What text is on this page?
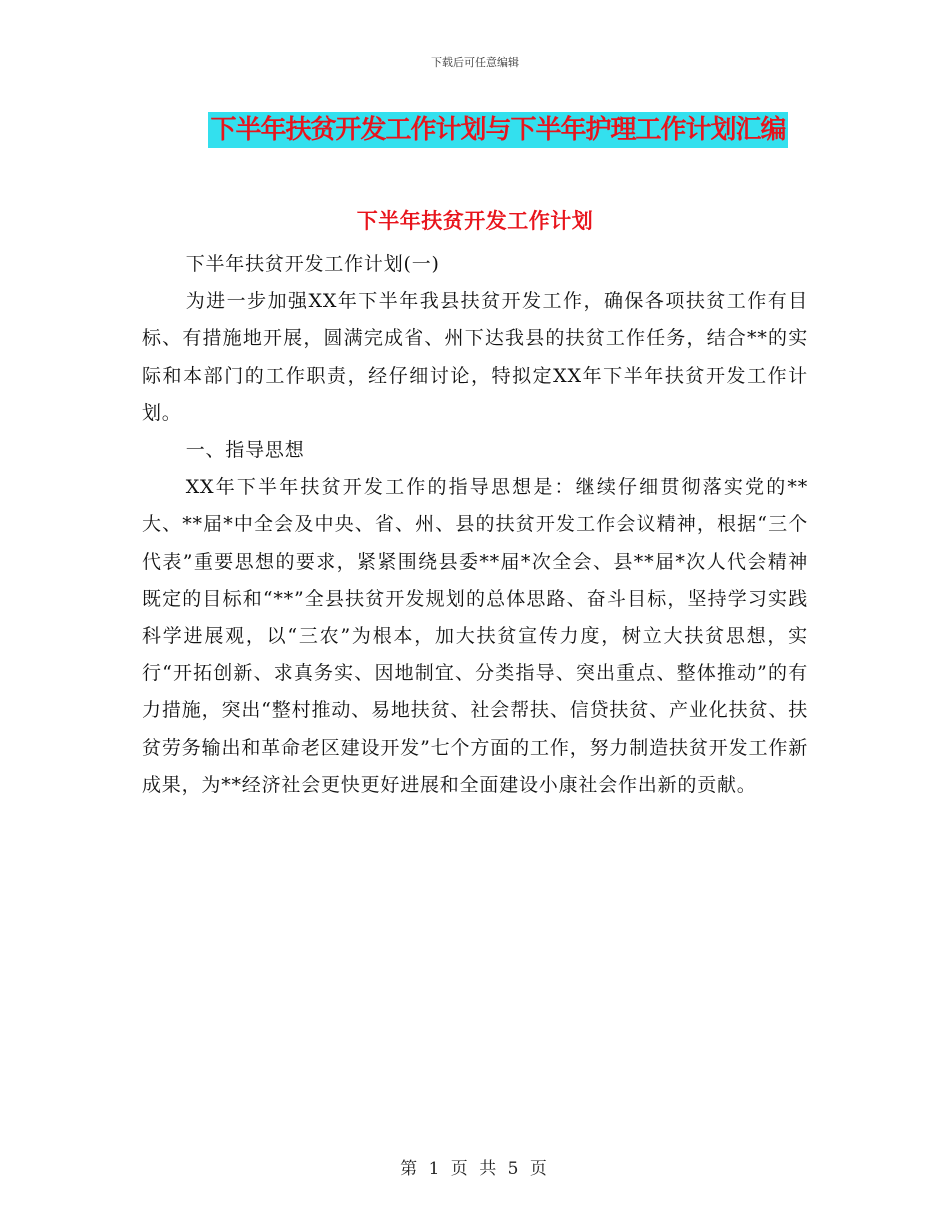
下载后可任意编辑
下半年扶贫开发工作计划与下半年护理工作计划汇编
下半年扶贫开发工作计划

下半年扶贫开发工作计划(一)

为进一步加强XX年下半年我县扶贫开发工作，确保各项扶贫工作有目标、有措施地开展，圆满完成省、州下达我县的扶贫工作任务，结合**的实际和本部门的工作职责，经仔细讨论，特拟定XX年下半年扶贫开发工作计划。

一、指导思想

XX年下半年扶贫开发工作的指导思想是：继续仔细贯彻落实党的**大、**届*中全会及中央、省、州、县的扶贫开发工作会议精神，根据“三个代表”重要思想的要求，紧紧围绕县委**届*次全会、县**届*次人代会精神既定的目标和“**”全县扶贫开发规划的总体思路、奋斗目标，坚持学习实践科学进展观，以“三农”为根本，加大扶贫宣传力度，树立大扶贫思想，实行“开拓创新、求真务实、因地制宜、分类指导、突出重点、整体推动”的有力措施，突出“整村推动、易地扶贫、社会帮扶、信贷扶贫、产业化扶贫、扶贫劳务输出和革命老区建设开发”七个方面的工作，努力制造扶贫开发工作新成果，为**经济社会更快更好进展和全面建设小康社会作出新的贡献。

第 1 页 共 5 页
